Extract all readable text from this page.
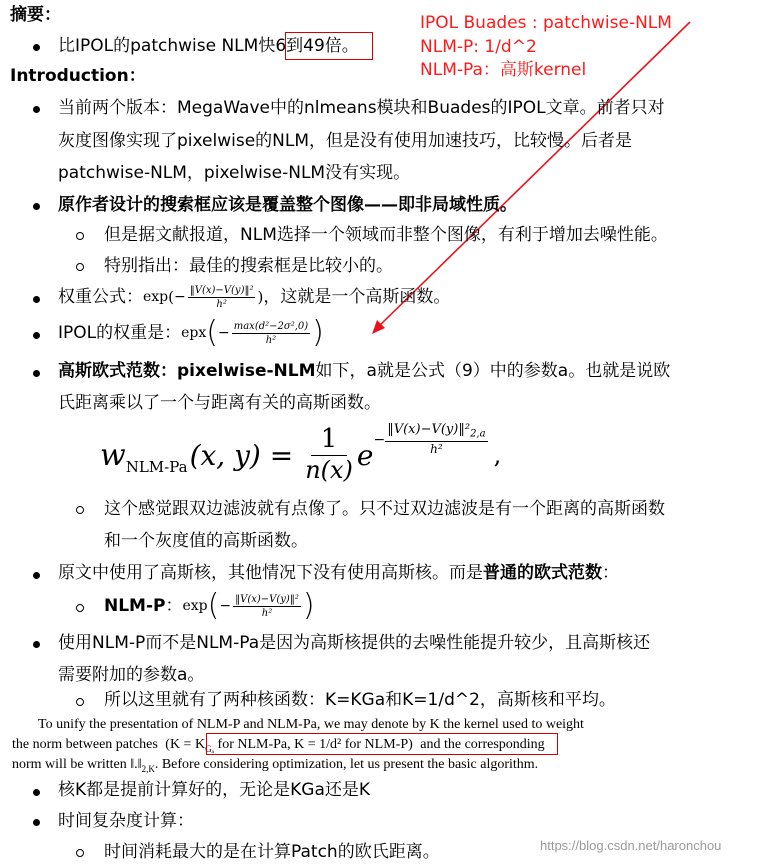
摘要：
比IPOL的patchwise NLM快6到49倍。
IPOL Buades : patchwise-NLM
NLM-P: 1/d^2
NLM-Pa：高斯kernel
Introduction：
当前两个版本：MegaWave中的nlmeans模块和Buades的IPOL文章。前者只对
灰度图像实现了pixelwise的NLM，但是没有使用加速技巧，比较慢。后者是
patchwise-NLM，pixelwise-NLM没有实现。
原作者设计的搜索框应该是覆盖整个图像——即非局域性质。
但是据文献报道，NLM选择一个领域而非整个图像，有利于增加去噪性能。
特别指出：最佳的搜索框是比较小的。
权重公式： exp ( − $\frac{\text{‖V(x)−V(y)‖²}}{\text{h²}}$ ) ，这就是一个高斯函数。
IPOL的权重是： epx ( − $\frac{\text{max(d²−2σ²,0)}}{\text{h²}}$ )
高斯欧式范数：pixelwise-NLM如下，a就是公式（9）中的参数a。也就是说欧
氏距离乘以了一个与距离有关的高斯函数。
w NLM-Pa (x, $y) = \frac{1}{n(x)}$ $e - \frac{‖V(x)-V(y)‖^2_{2,a}}{\text{h²}}$ ,
这个感觉跟双边滤波就有点像了。只不过双边滤波是有一个距离的高斯函数
和一个灰度值的高斯函数。
原文中使用了高斯核，其他情况下没有使用高斯核。而是普通的欧式范数：
NLM-P ： exp ( − $\frac{\text{‖V(x)−V(y)‖²}}{\text{h²}}$ )
使用NLM-P而不是NLM-Pa是因为高斯核提供的去噪性能提升较少，且高斯核还
需要附加的参数a。
所以这里就有了两种核函数：K=KGa和K=1/d^2，高斯核和平均。
To unify the presentation of NLM-P and NLM-Pa, we may denote by K the kernel used to weight
the norm between patches ($K = K_{G_a}$ for NLM-Pa, K = 1/d² for NLM-P) and the corresponding
norm will be written $‖.‖_{2,K}$. Before considering optimization, let us present the basic algorithm.
核K都是提前计算好的，无论是KGa还是K
时间复杂度计算：
时间消耗最大的是在计算Patch的欧氏距离。	https://blog.csdn.net/haronchou
